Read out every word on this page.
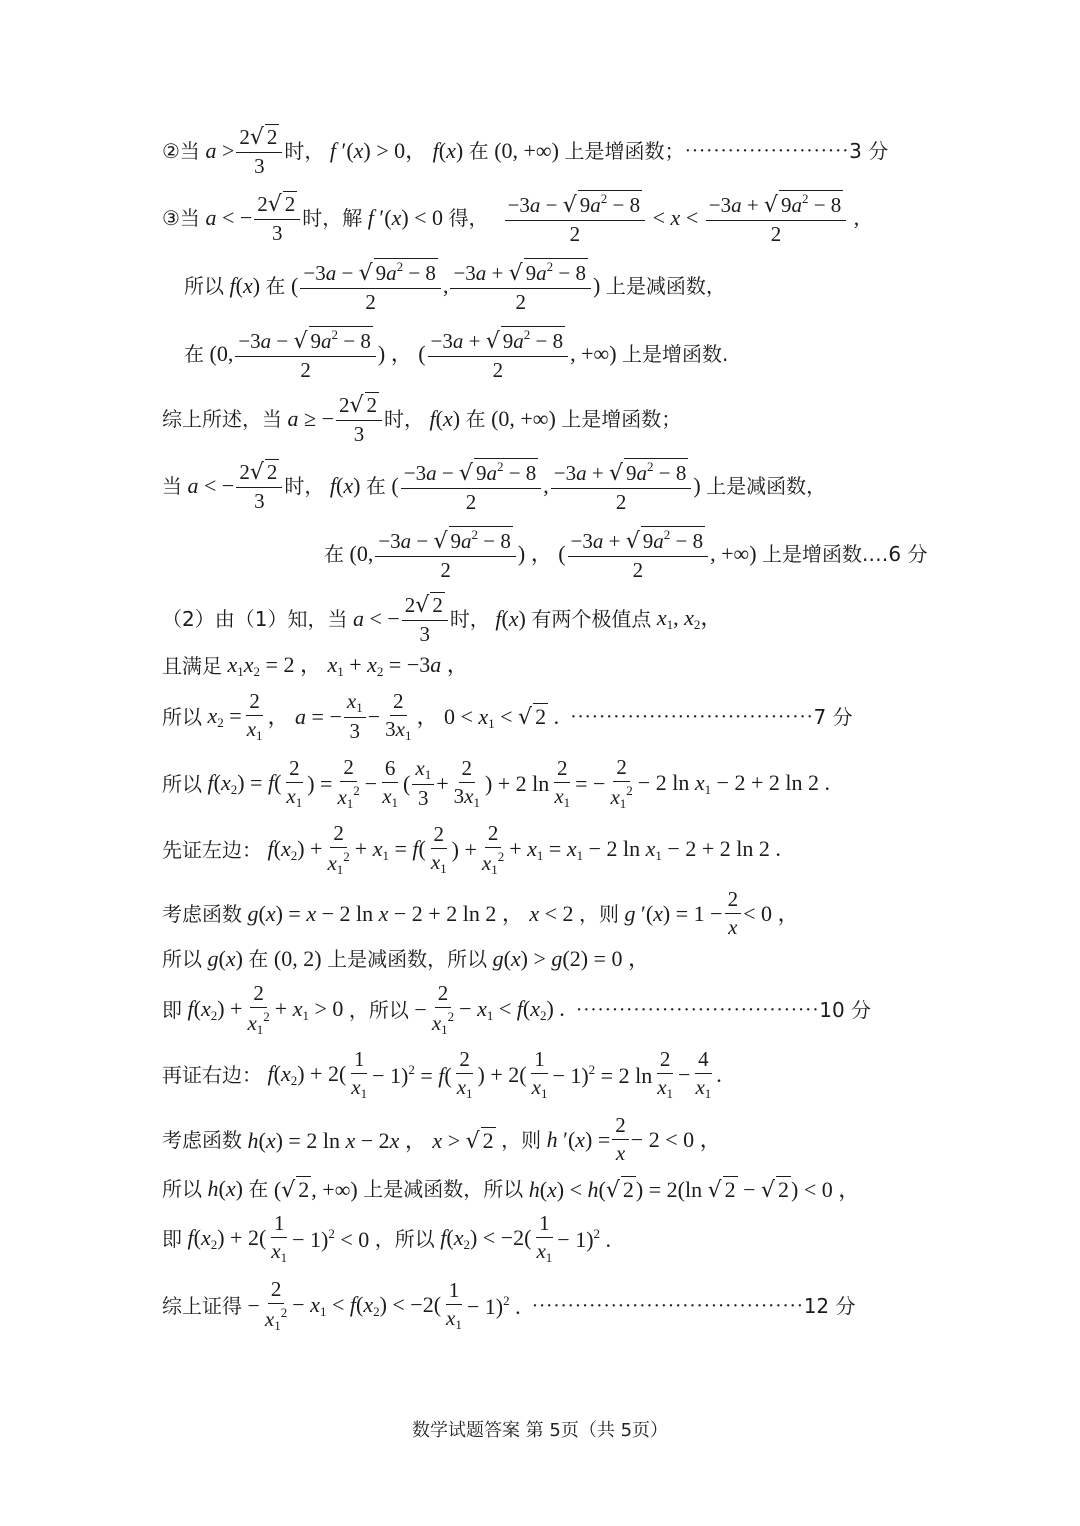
②当 $a > \frac{2√ 2}{3}$ 时， f ′(x) > 0， f(x) 在 (0, +∞) 上是增函数； ······················· 3 分
③当 a < − $\frac{2√ 2}{3}$ 时，解 f ′(x) < 0 得， $\frac{-3a - √ 9a^2 - 8}{2} < x < \frac{-3a + √ 9a^2 - 8}{2}$ ,
所以 f(x) 在 ( $\frac{-3a - √ 9a^2 - 8}{2}$ , $\frac{-3a + √ 9a^2 - 8}{2}$ ) 上是减函数，
在 (0, $\frac{-3a - √ 9a^2 - 8}{2}$ ) ， ( $\frac{-3a + √ 9a^2 - 8}{2}$ , +∞) 上是增函数.
综上所述，当 a ≥ − $\frac{2√ 2}{3}$ 时， f(x) 在 (0, +∞) 上是增函数；
当 a < − $\frac{2√ 2}{3}$ 时， f(x) 在 ( $\frac{-3a - √ 9a^2 - 8}{2}$ , $\frac{-3a + √ 9a^2 - 8}{2}$ ) 上是减函数，
在 (0, $\frac{-3a - √ 9a^2 - 8}{2}$ ) ， ( $\frac{-3a + √ 9a^2 - 8}{2}$ , +∞) 上是增函数. …6 分
（2）由（1）知，当 a < − $\frac{2√ 2}{3}$ 时， f(x) 有两个极值点 $x_1$, $x_2$，
且满足 $x_1x_2 = 2$ ， $x_1 + x_2 = -3a$ ，
所以 $x_2 = \frac{2}{x_1}$ ， a = − $\frac{x_1}{3} - \frac{2}{3x_1}$ ， $0 < x_1$ < √ 2 . ·································· 7 分
所以 $f(x_2) = f( \frac{2}{x_1}$ ) = $\frac{2}{x_1^2} - \frac{6}{x_1}$ ( $\frac{x_1}{3} + \frac{2}{3x_1}$ ) + 2 $\ln \frac{2}{x_1}$ = − $\frac{2}{x_1^2} - 2$ $\ln x_1 - 2 + 2$ ln 2 .
先证左边： $f(x_2) + \frac{2}{x_1^2} + x_1 = f( \frac{2}{x_1}$ ) + $\frac{2}{x_1^2} + x_1 = x_1 - 2$ $\ln x_1 - 2 + 2$ ln 2 .
考虑函数 g(x) = x − 2 ln x − 2 + 2 ln 2 ， x < 2 ，则 g $'(x) = 1 - \frac{2}{x} < 0$ ，
所以 g(x) 在 (0, 2) 上是减函数，所以 g(x) > g(2) = 0 ，
即 $f(x_2) + \frac{2}{x_1^2} + x_1 > 0$ ，所以 − $\frac{2}{x_1^2} - x_1 < f(x_2)$ . ·································· 10 分
再证右边： $f(x_2) + 2( \frac{1}{x_1} - 1)^2 = f( \frac{2}{x_1}$ ) + $2( \frac{1}{x_1} - 1)^2 = 2$ $\ln \frac{2}{x_1} - \frac{4}{x_1}$ .
考虑函数 h(x) = 2 ln x − 2x ， x > √ 2 ，则 h $'(x) = \frac{2}{x} - 2 < 0$ ，
所以 h(x) 在 (√ 2, +∞) 上是减函数，所以 h(x) < h(√ 2) = 2(ln √ 2 − √ 2) < 0 ，
即 $f(x_2) + 2( \frac{1}{x_1} - 1)^2 < 0$ ，所以 $f(x_2) < -2( \frac{1}{x_1} - 1)^2$ .
综上证得 − $\frac{2}{x_1^2} - x_1 < f(x_2) < -2( \frac{1}{x_1} - 1)^2$ . ······································ 12 分
数学试题答案 第 5页（共 5页）
